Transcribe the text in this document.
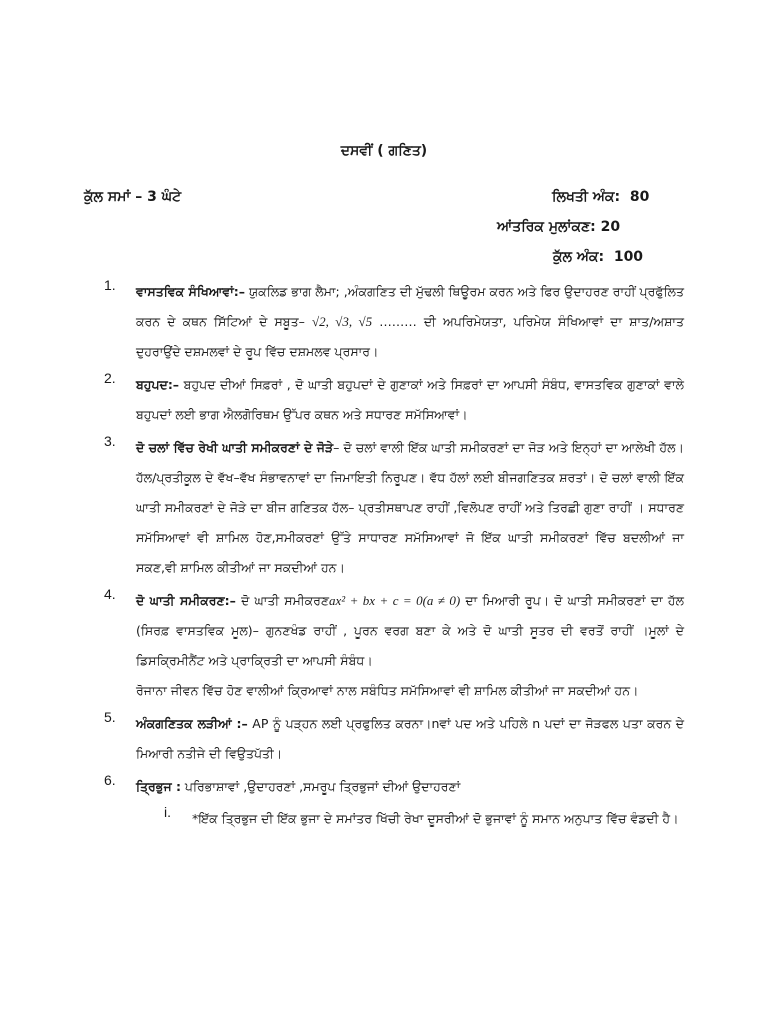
ਦਸਵੀਂ ( ਗਣਿਤ)
ਕੁੱਲ ਸਮਾਂ – 3 ਘੰਟੇ	ਲਿਖਤੀ ਅੰਕ: 80
ਆਂਤਰਿਕ ਮੁਲਾਂਕਣ: 20
ਕੁੱਲ ਅੰਕ: 100
1.	ਵਾਸਤਵਿਕ ਸੰਖਿਆਵਾਂ:– ਯੁਕਲਿਡ ਭਾਗ ਲੈਮਾ; ,ਅੰਕਗਣਿਤ ਦੀ ਮੁੱਢਲੀ ਥਿਊਰਮ ਕਰਨ ਅਤੇ ਫਿਰ ਉਦਾਹਰਣ ਰਾਹੀਂ ਪ੍ਰਫੁੱਲਿਤ ਕਰਨ ਦੇ ਕਥਨ ਸਿੱਟਿਆਂ ਦੇ ਸਬੂਤ– √2, √3, √5 ……… ਦੀ ਅਪਰਿਮੇਯਤਾ, ਪਰਿਮੇਯ ਸੰਖਿਆਵਾਂ ਦਾ ਸ਼ਾਤ/ਅਸ਼ਾਤ ਦੁਹਰਾਉਂਦੇ ਦਸ਼ਮਲਵਾਂ ਦੇ ਰੂਪ ਵਿੱਚ ਦਸ਼ਮਲਵ ਪ੍ਰਸਾਰ।
2.	ਬਹੁਪਦ:– ਬਹੁਪਦ ਦੀਆਂ ਸਿਫ਼ਰਾਂ , ਦੋ ਘਾਤੀ ਬਹੁਪਦਾਂ ਦੇ ਗੁਣਾਕਾਂ ਅਤੇ ਸਿਫ਼ਰਾਂ ਦਾ ਆਪਸੀ ਸੰਬੰਧ, ਵਾਸਤਵਿਕ ਗੁਣਾਕਾਂ ਵਾਲੇ ਬਹੁਪਦਾਂ ਲਈ ਭਾਗ ਐਲਗੋਰਿਥਮ ਉੱਪਰ ਕਥਨ ਅਤੇ ਸਧਾਰਣ ਸਮੱਸਿਆਵਾਂ।
3.	ਦੋ ਚਲਾਂ ਵਿੱਚ ਰੇਖੀ ਘਾਤੀ ਸਮੀਕਰਣਾਂ ਦੇ ਜੋੜੇ– ਦੋ ਚਲਾਂ ਵਾਲੀ ਇੱਕ ਘਾਤੀ ਸਮੀਕਰਣਾਂ ਦਾ ਜੋੜ ਅਤੇ ਇਨ੍ਹਾਂ ਦਾ ਆਲੇਖੀ ਹੱਲ। ਹੱਲ/ਪ੍ਰਤੀਕੂਲ ਦੇ ਵੱਖ–ਵੱਖ ਸੰਭਾਵਨਾਵਾਂ ਦਾ ਜਿਮਾਇਤੀ ਨਿਰੂਪਣ। ਵੱਧ ਹੱਲਾਂ ਲਈ ਬੀਜਗਣਿਤਕ ਸ਼ਰਤਾਂ। ਦੋ ਚਲਾਂ ਵਾਲੀ ਇੱਕ ਘਾਤੀ ਸਮੀਕਰਣਾਂ ਦੇ ਜੋੜੇ ਦਾ ਬੀਜ ਗਣਿਤਕ ਹੱਲ– ਪ੍ਰਤੀਸਥਾਪਣ ਰਾਹੀਂ ,ਵਿਲੋਪਣ ਰਾਹੀਂ ਅਤੇ ਤਿਰਛੀ ਗੁਣਾ ਰਾਹੀਂ । ਸਧਾਰਣ ਸਮੱਸਿਆਵਾਂ ਵੀ ਸ਼ਾਮਿਲ ਹੋਣ,ਸਮੀਕਰਣਾਂ ਉੱਤੇ ਸਾਧਾਰਣ ਸਮੱਸਿਆਵਾਂ ਜੋ ਇੱਕ ਘਾਤੀ ਸਮੀਕਰਣਾਂ ਵਿੱਚ ਬਦਲੀਆਂ ਜਾ ਸਕਣ,ਵੀ ਸ਼ਾਮਿਲ ਕੀਤੀਆਂ ਜਾ ਸਕਦੀਆਂ ਹਨ।
4.	ਦੋ ਘਾਤੀ ਸਮੀਕਰਣ:– ਦੋ ਘਾਤੀ ਸਮੀਕਰਣax² + bx + c = 0(a ≠ 0) ਦਾ ਮਿਆਰੀ ਰੂਪ। ਦੋ ਘਾਤੀ ਸਮੀਕਰਣਾਂ ਦਾ ਹੱਲ (ਸਿਰਫ਼ ਵਾਸਤਵਿਕ ਮੂਲ)– ਗੁਨਣਖੰਡ ਰਾਹੀਂ , ਪੂਰਨ ਵਰਗ ਬਣਾ ਕੇ ਅਤੇ ਦੋ ਘਾਤੀ ਸੂਤਰ ਦੀ ਵਰਤੋਂ ਰਾਹੀਂ ।ਮੂਲਾਂ ਦੇ ਡਿਸਕ੍ਰਿਮੀਨੈਂਟ ਅਤੇ ਪ੍ਰਾਕ੍ਰਿਤੀ ਦਾ ਆਪਸੀ ਸੰਬੰਧ।
ਰੋਜਾਨਾ ਜੀਵਨ ਵਿੱਚ ਹੋਣ ਵਾਲੀਆਂ ਕ੍ਰਿਆਵਾਂ ਨਾਲ ਸਬੰਧਿਤ ਸਮੱਸਿਆਵਾਂ ਵੀ ਸ਼ਾਮਿਲ ਕੀਤੀਆਂ ਜਾ ਸਕਦੀਆਂ ਹਨ।
5.	ਅੰਕਗਣਿਤਕ ਲੜੀਆਂ :– AP ਨੂੰ ਪੜ੍ਹਨ ਲਈ ਪ੍ਰਫੁਲਿਤ ਕਰਨਾ।nਵਾਂ ਪਦ ਅਤੇ ਪਹਿਲੇ n ਪਦਾਂ ਦਾ ਜੋੜਫਲ ਪਤਾ ਕਰਨ ਦੇ ਮਿਆਰੀ ਨਤੀਜੇ ਦੀ ਵਿਉਤਪੱਤੀ।
6.	ਤ੍ਰਿਭੁਜ : ਪਰਿਭਾਸ਼ਾਵਾਂ ,ਉਦਾਹਰਣਾਂ ,ਸਮਰੂਪ ਤ੍ਰਿਭੁਜਾਂ ਦੀਆਂ ਉਦਾਹਰਣਾਂ
i.	*ਇੱਕ ਤ੍ਰਿਭੁਜ ਦੀ ਇੱਕ ਭੁਜਾ ਦੇ ਸਮਾਂਤਰ ਖਿੱਚੀ ਰੇਖਾ ਦੂਸਰੀਆਂ ਦੋ ਭੁਜਾਵਾਂ ਨੂੰ ਸਮਾਨ ਅਨੁਪਾਤ ਵਿੱਚ ਵੰਡਦੀ ਹੈ।
